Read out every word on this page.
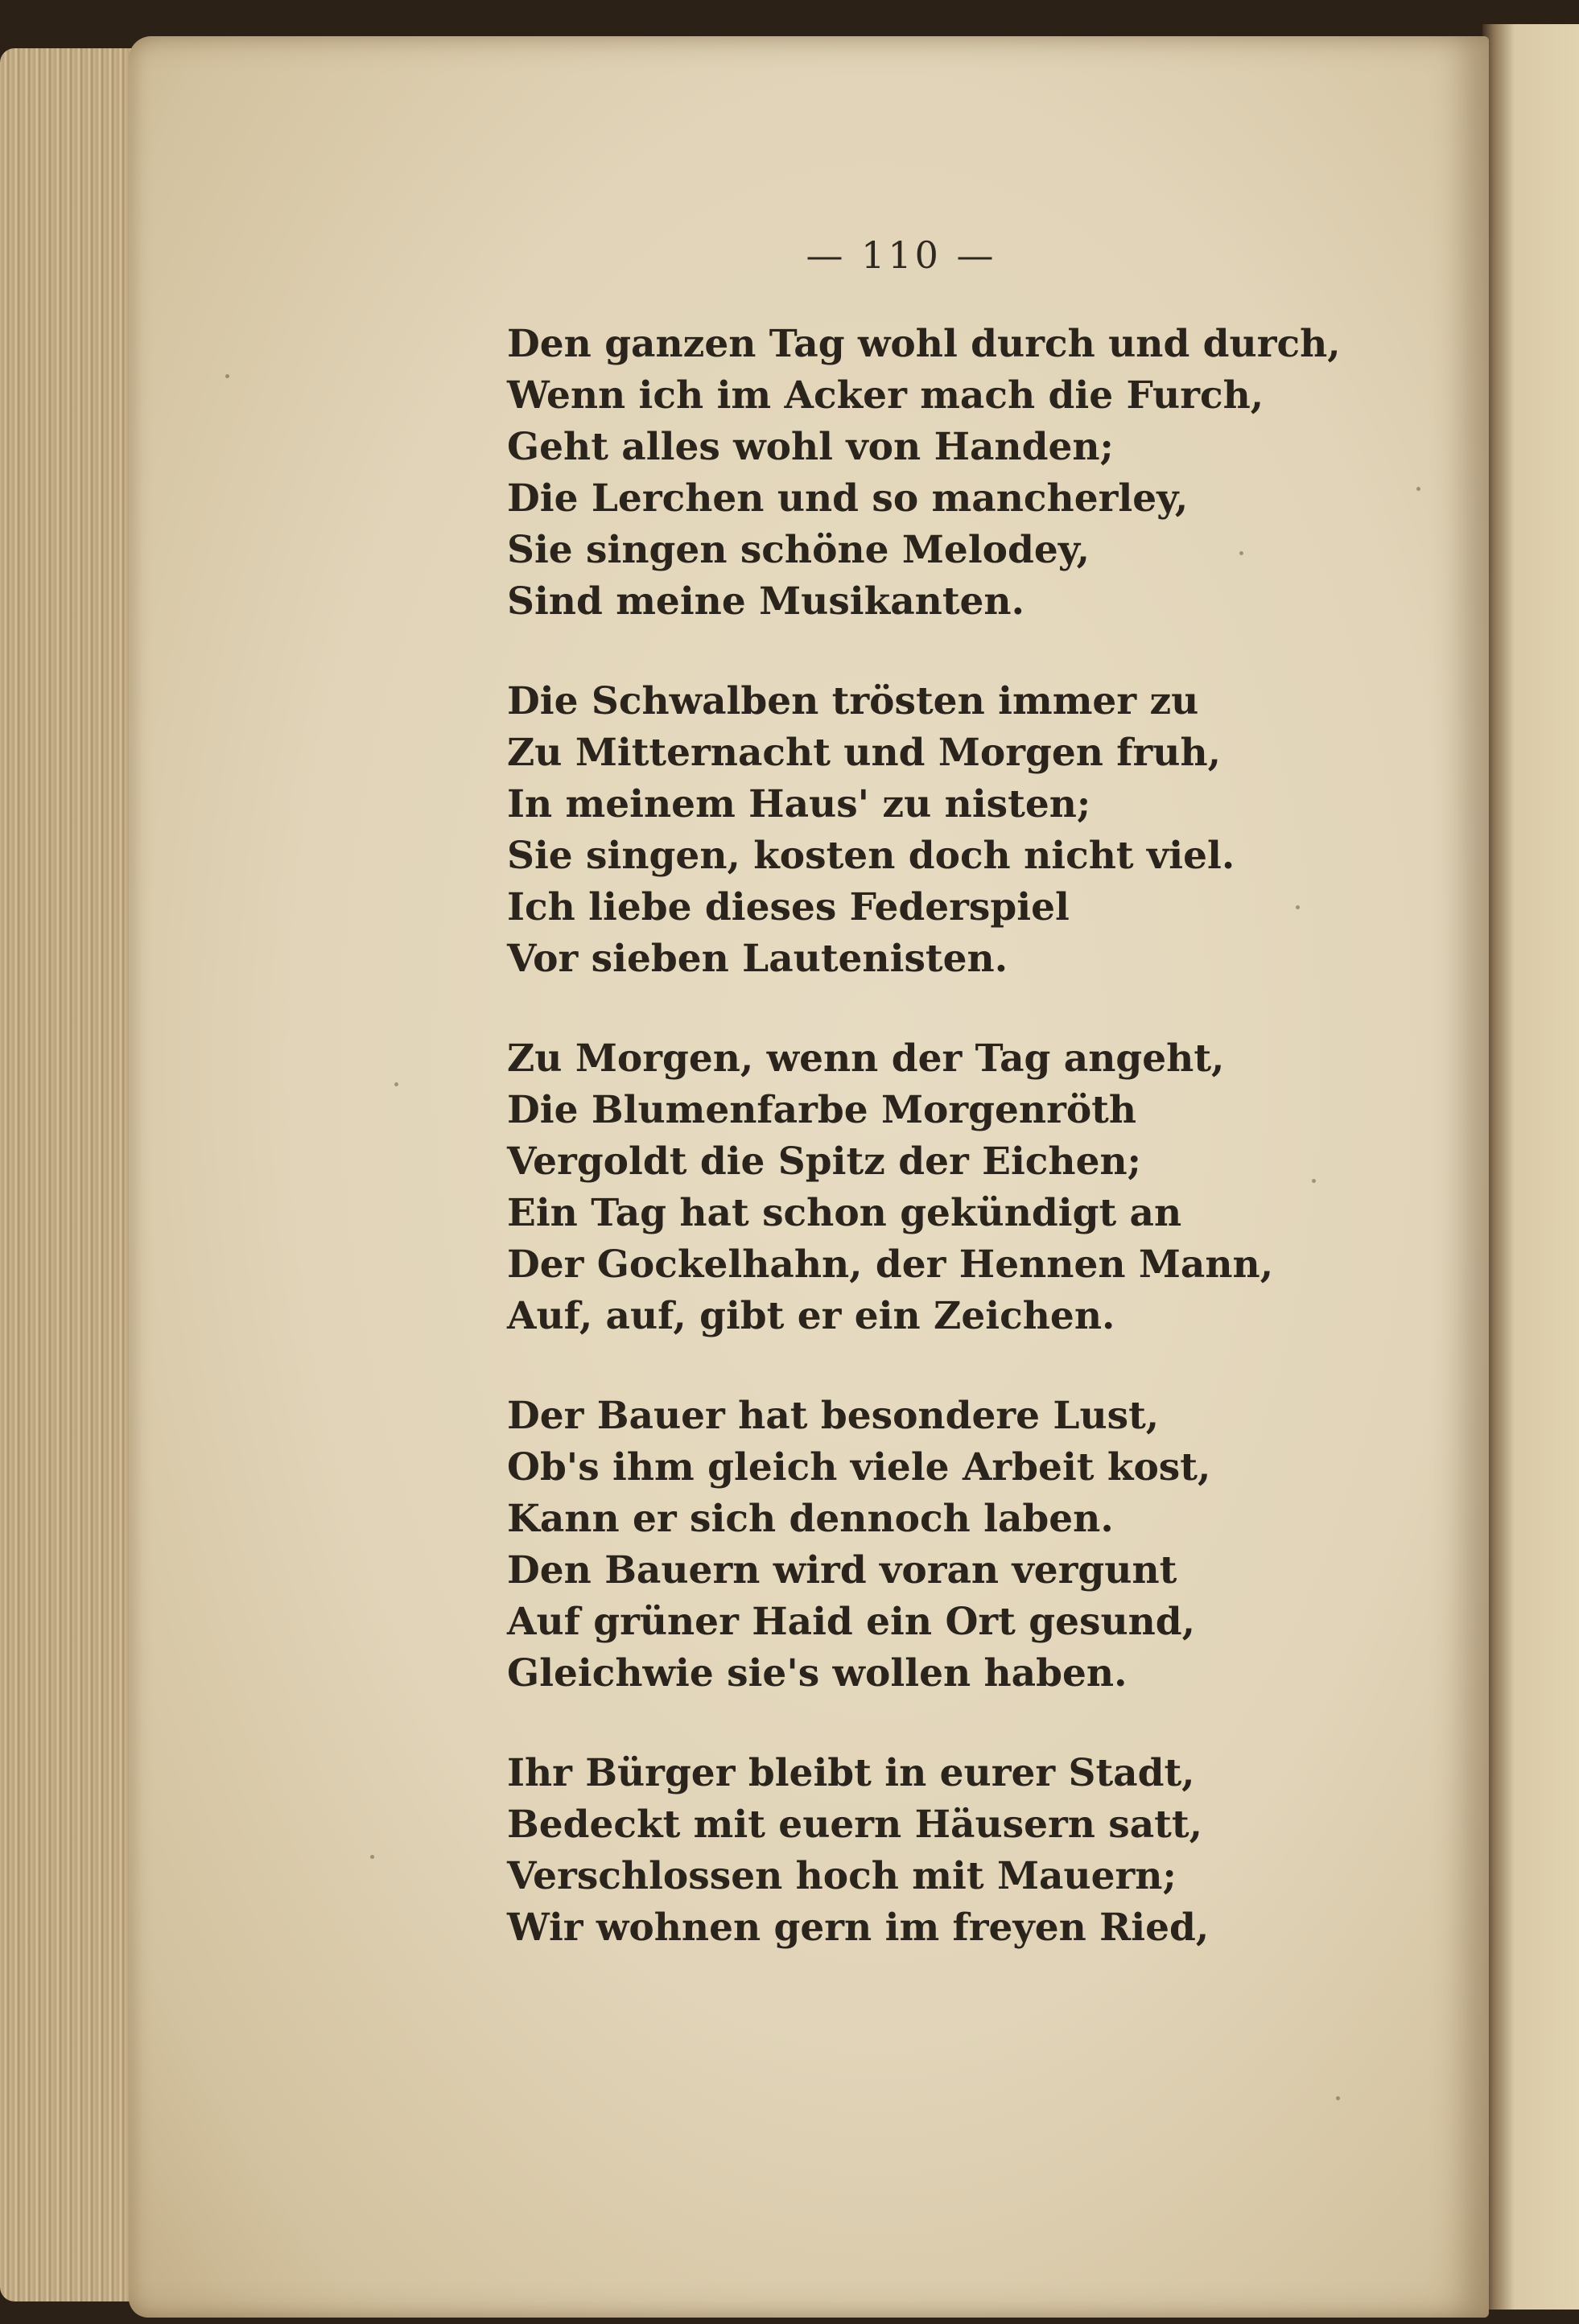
— 110 —
Den ganzen Tag wohl durch und durch,
Wenn ich im Acker mach die Furch,
Geht alles wohl von Handen;
Die Lerchen und so mancherley,
Sie singen schöne Melodey,
Sind meine Musikanten.
Die Schwalben trösten immer zu
Zu Mitternacht und Morgen fruh,
In meinem Haus' zu nisten;
Sie singen, kosten doch nicht viel.
Ich liebe dieses Federspiel
Vor sieben Lautenisten.
Zu Morgen, wenn der Tag angeht,
Die Blumenfarbe Morgenröth
Vergoldt die Spitz der Eichen;
Ein Tag hat schon gekündigt an
Der Gockelhahn, der Hennen Mann,
Auf, auf, gibt er ein Zeichen.
Der Bauer hat besondere Lust,
Ob's ihm gleich viele Arbeit kost,
Kann er sich dennoch laben.
Den Bauern wird voran vergunt
Auf grüner Haid ein Ort gesund,
Gleichwie sie's wollen haben.
Ihr Bürger bleibt in eurer Stadt,
Bedeckt mit euern Häusern satt,
Verschlossen hoch mit Mauern;
Wir wohnen gern im freyen Ried,
